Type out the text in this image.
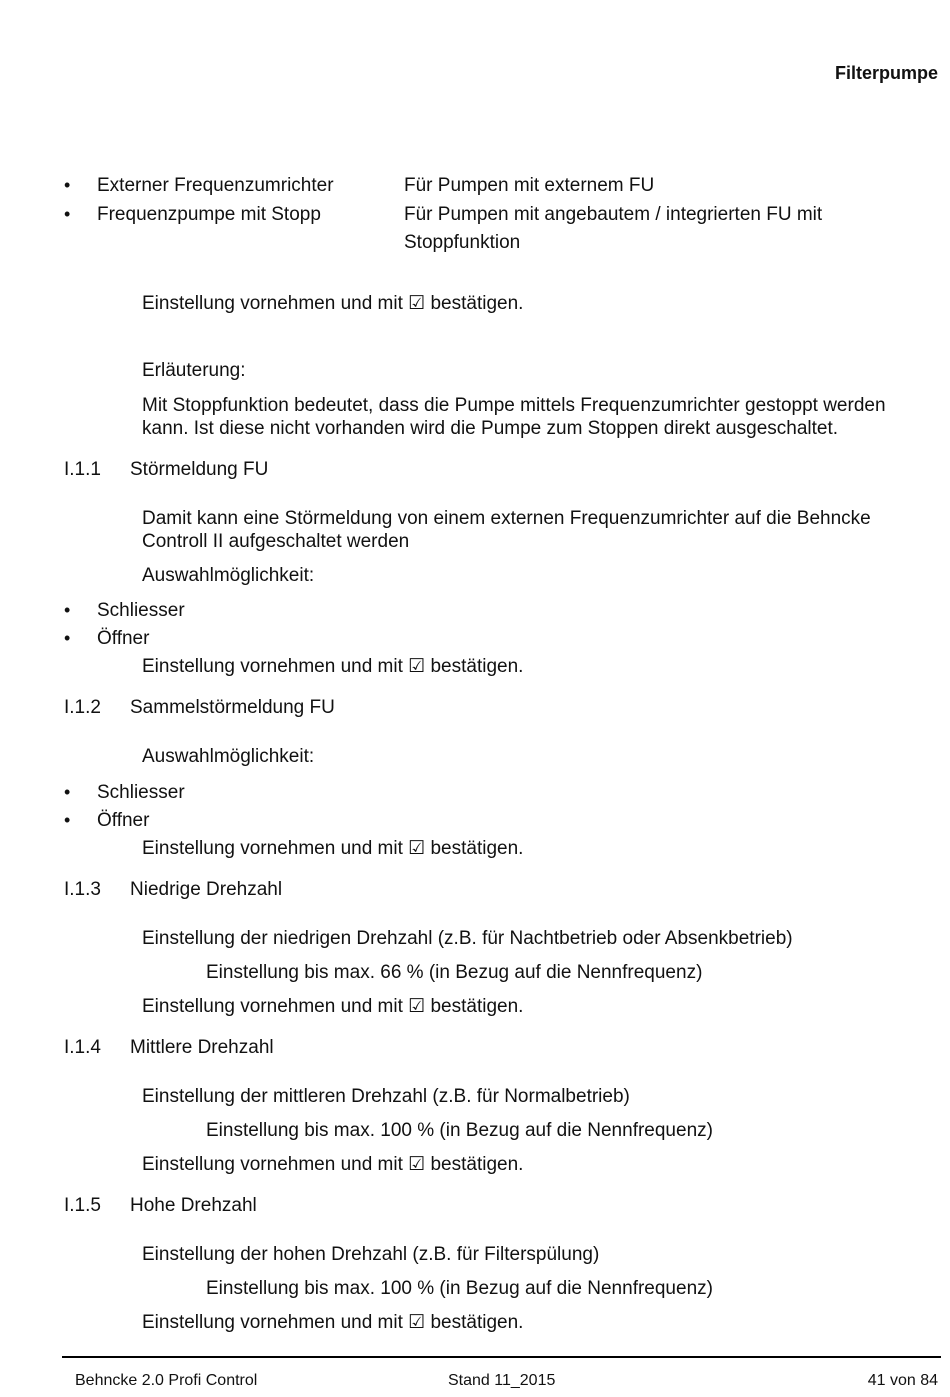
Filterpumpe
• Externer Frequenzumrichter	Für Pumpen mit externem FU
• Frequenzpumpe mit Stopp	Für Pumpen mit angebautem / integrierten FU mit
Stoppfunktion
Einstellung vornehmen und mit ☑ bestätigen.
Erläuterung:
Mit Stoppfunktion bedeutet, dass die Pumpe mittels Frequenzumrichter gestoppt werden
kann. Ist diese nicht vorhanden wird die Pumpe zum Stoppen direkt ausgeschaltet.
I.1.1 Störmeldung FU
Damit kann eine Störmeldung von einem externen Frequenzumrichter auf die Behncke
Controll II aufgeschaltet werden
Auswahlmöglichkeit:
• Schliesser
• Öffner
Einstellung vornehmen und mit ☑ bestätigen.
I.1.2 Sammelstörmeldung FU
Auswahlmöglichkeit:
• Schliesser
• Öffner
Einstellung vornehmen und mit ☑ bestätigen.
I.1.3 Niedrige Drehzahl
Einstellung der niedrigen Drehzahl (z.B. für Nachtbetrieb oder Absenkbetrieb)
Einstellung bis max. 66 % (in Bezug auf die Nennfrequenz)
Einstellung vornehmen und mit ☑ bestätigen.
I.1.4 Mittlere Drehzahl
Einstellung der mittleren Drehzahl (z.B. für Normalbetrieb)
Einstellung bis max. 100 % (in Bezug auf die Nennfrequenz)
Einstellung vornehmen und mit ☑ bestätigen.
I.1.5 Hohe Drehzahl
Einstellung der hohen Drehzahl (z.B. für Filterspülung)
Einstellung bis max. 100 % (in Bezug auf die Nennfrequenz)
Einstellung vornehmen und mit ☑ bestätigen.
Behncke 2.0 Profi Control	Stand 11_2015	41 von 84
